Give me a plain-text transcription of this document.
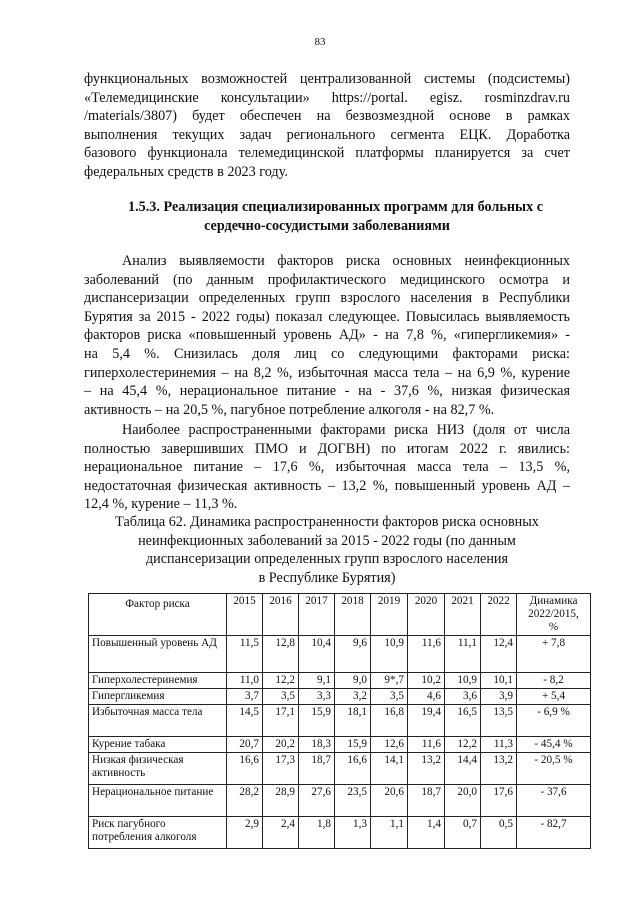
83
функциональных возможностей централизованной системы (подсистемы)
«Телемедицинские консультации» https://portal. egisz. rosminzdrav.ru
/materials/3807) будет обеспечен на безвозмездной основе в рамках
выполнения текущих задач регионального сегмента ЕЦК. Доработка
базового функционала телемедицинской платформы планируется за счет
федеральных средств в 2023 году.
1.5.3. Реализация специализированных программ для больных с
сердечно-сосудистыми заболеваниями
Анализ выявляемости факторов риска основных неинфекционных
заболеваний (по данным профилактического медицинского осмотра и
диспансеризации определенных групп взрослого населения в Республики
Бурятия за 2015 - 2022 годы) показал следующее. Повысилась выявляемость
факторов риска «повышенный уровень АД» - на 7,8 %, «гипергликемия» -
на 5,4 %. Снизилась доля лиц со следующими факторами риска:
гиперхолестеринемия – на 8,2 %, избыточная масса тела – на 6,9 %, курение
– на 45,4 %, нерациональное питание - на - 37,6 %, низкая физическая
активность – на 20,5 %, пагубное потребление алкоголя - на 82,7 %.
Наиболее распространенными факторами риска НИЗ (доля от числа
полностью завершивших ПМО и ДОГВН) по итогам 2022 г. явились:
нерациональное питание – 17,6 %, избыточная масса тела – 13,5 %,
недостаточная физическая активность – 13,2 %, повышенный уровень АД –
12,4 %, курение – 11,3 %.
Таблица 62. Динамика распространенности факторов риска основных
неинфекционных заболеваний за 2015 - 2022 годы (по данным
диспансеризации определенных групп взрослого населения
в Республике Бурятия)
Фактор риска	2015	2016	2017	2018	2019	2020	2021	2022	Динамика
2022/2015,
%
Повышенный уровень АД	11,5	12,8	10,4	9,6	10,9	11,6	11,1	12,4	+ 7,8
Гиперхолестеринемия	11,0	12,2	9,1	9,0	9*,7	10,2	10,9	10,1	- 8,2
Гипергликемия	3,7	3,5	3,3	3,2	3,5	4,6	3,6	3,9	+ 5,4
Избыточная масса тела	14,5	17,1	15,9	18,1	16,8	19,4	16,5	13,5	- 6,9 %
Курение табака	20,7	20,2	18,3	15,9	12,6	11,6	12,2	11,3	- 45,4 %
Низкая физическая активность	16,6	17,3	18,7	16,6	14,1	13,2	14,4	13,2	- 20,5 %
Нерациональное питание	28,2	28,9	27,6	23,5	20,6	18,7	20,0	17,6	- 37,6
Риск пагубного потребления алкоголя	2,9	2,4	1,8	1,3	1,1	1,4	0,7	0,5	- 82,7
